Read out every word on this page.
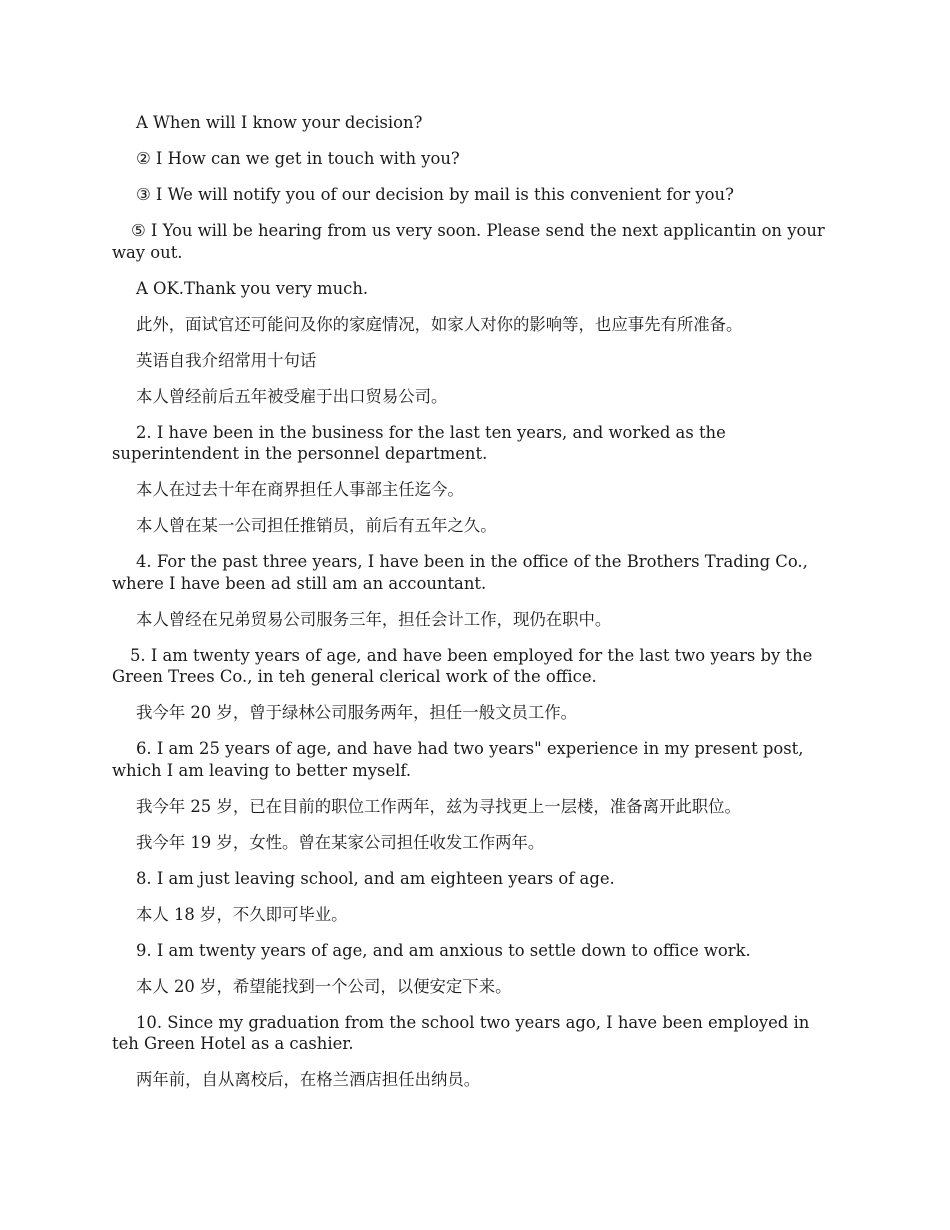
A When will I know your decision?

② I How can we get in touch with you?

③ I We will notify you of our decision by mail is this convenient for you?

⑤ I You will be hearing from us very soon. Please send the next applicantin on your way out.

A OK.Thank you very much.

此外，面试官还可能问及你的家庭情况，如家人对你的影响等，也应事先有所准备。

英语自我介绍常用十句话

本人曾经前后五年被受雇于出口贸易公司。

2. I have been in the business for the last ten years, and worked as the superintendent in the personnel department.

本人在过去十年在商界担任人事部主任迄今。

本人曾在某一公司担任推销员，前后有五年之久。

4. For the past three years, I have been in the office of the Brothers Trading Co., where I have been ad still am an accountant.

本人曾经在兄弟贸易公司服务三年，担任会计工作，现仍在职中。

5. I am twenty years of age, and have been employed for the last two years by the Green Trees Co., in teh general clerical work of the office.

我今年 20 岁，曾于绿林公司服务两年，担任一般文员工作。

6. I am 25 years of age, and have had two years" experience in my present post, which I am leaving to better myself.

我今年 25 岁，已在目前的职位工作两年，兹为寻找更上一层楼，准备离开此职位。

我今年 19 岁，女性。曾在某家公司担任收发工作两年。

8. I am just leaving school, and am eighteen years of age.

本人 18 岁，不久即可毕业。

9. I am twenty years of age, and am anxious to settle down to office work.

本人 20 岁，希望能找到一个公司，以便安定下来。

10. Since my graduation from the school two years ago, I have been employed in teh Green Hotel as a cashier.

两年前，自从离校后，在格兰酒店担任出纳员。
